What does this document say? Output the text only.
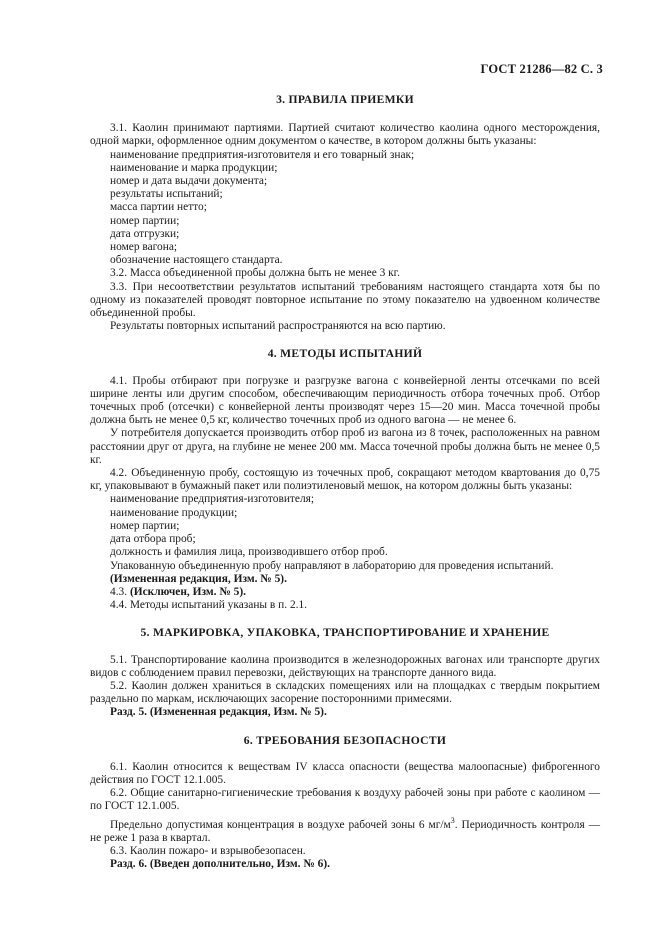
ГОСТ 21286—82 С. 3
3. ПРАВИЛА ПРИЕМКИ

3.1. Каолин принимают партиями. Партией считают количество каолина одного месторождения, одной марки, оформленное одним документом о качестве, в котором должны быть указаны:

наименование предприятия-изготовителя и его товарный знак;

наименование и марка продукции;

номер и дата выдачи документа;

результаты испытаний;

масса партии нетто;

номер партии;

дата отгрузки;

номер вагона;

обозначение настоящего стандарта.

3.2. Масса объединенной пробы должна быть не менее 3 кг.

3.3. При несоответствии результатов испытаний требованиям настоящего стандарта хотя бы по одному из показателей проводят повторное испытание по этому показателю на удвоенном количестве объединенной пробы.

Результаты повторных испытаний распространяются на всю партию.

4. МЕТОДЫ ИСПЫТАНИЙ

4.1. Пробы отбирают при погрузке и разгрузке вагона с конвейерной ленты отсечками по всей ширине ленты или другим способом, обеспечивающим периодичность отбора точечных проб. Отбор точечных проб (отсечки) с конвейерной ленты производят через 15—20 мин. Масса точечной пробы должна быть не менее 0,5 кг, количество точечных проб из одного вагона — не менее 6.

У потребителя допускается производить отбор проб из вагона из 8 точек, расположенных на равном расстоянии друг от друга, на глубине не менее 200 мм. Масса точечной пробы должна быть не менее 0,5 кг.

4.2. Объединенную пробу, состоящую из точечных проб, сокращают методом квартования до 0,75 кг, упаковывают в бумажный пакет или полиэтиленовый мешок, на котором должны быть указаны:

наименование предприятия-изготовителя;

наименование продукции;

номер партии;

дата отбора проб;

должность и фамилия лица, производившего отбор проб.

Упакованную объединенную пробу направляют в лабораторию для проведения испытаний.

(Измененная редакция, Изм. № 5).

4.3. (Исключен, Изм. № 5).

4.4. Методы испытаний указаны в п. 2.1.

5. МАРКИРОВКА, УПАКОВКА, ТРАНСПОРТИРОВАНИЕ И ХРАНЕНИЕ

5.1. Транспортирование каолина производится в железнодорожных вагонах или транспорте других видов с соблюдением правил перевозки, действующих на транспорте данного вида.

5.2. Каолин должен храниться в складских помещениях или на площадках с твердым покрытием раздельно по маркам, исключающих засорение посторонними примесями.

Разд. 5. (Измененная редакция, Изм. № 5).

6. ТРЕБОВАНИЯ БЕЗОПАСНОСТИ

6.1. Каолин относится к веществам IV класса опасности (вещества малоопасные) фиброгенного действия по ГОСТ 12.1.005.

6.2. Общие санитарно-гигиенические требования к воздуху рабочей зоны при работе с каолином — по ГОСТ 12.1.005.

Предельно допустимая концентрация в воздухе рабочей зоны 6 $мг/м^3$. Периодичность контроля — не реже 1 раза в квартал.

6.3. Каолин пожаро- и взрывобезопасен.

Разд. 6. (Введен дополнительно, Изм. № 6).
